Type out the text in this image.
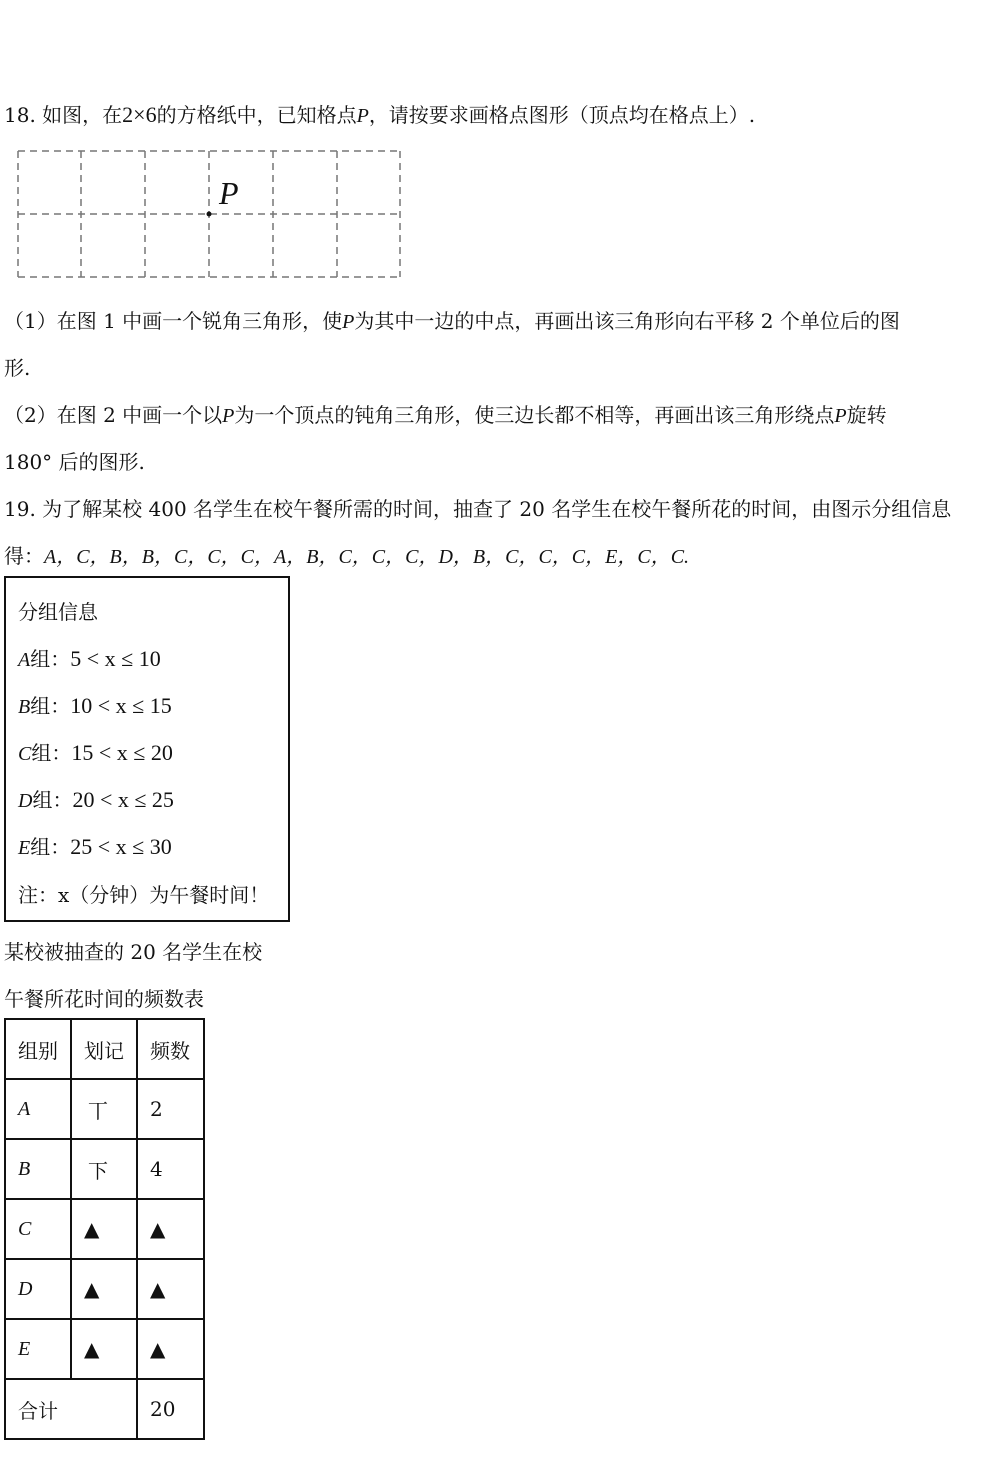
18. 如图，在2×6的方格纸中，已知格点P，请按要求画格点图形（顶点均在格点上）.
P
（1）在图 1 中画一个锐角三角形，使P为其中一边的中点，再画出该三角形向右平移 2 个单位后的图
形.
（2）在图 2 中画一个以P为一个顶点的钝角三角形，使三边长都不相等，再画出该三角形绕点P旋转
180° 后的图形.
19. 为了解某校 400 名学生在校午餐所需的时间，抽查了 20 名学生在校午餐所花的时间，由图示分组信息
得：A，C，B，B，C，C，C，A，B，C，C，C，D，B，C，C，C，E，C，C.
分组信息
A组：5 < x ≤ 10
B组：10 < x ≤ 15
C组：15 < x ≤ 20
D组：20 < x ≤ 25
E组：25 < x ≤ 30
注：x（分钟）为午餐时间！
某校被抽查的 20 名学生在校
午餐所花时间的频数表
组别	划记	频数
A	丅	2
B	下	4
C	▲	▲
D	▲	▲
E	▲	▲
合计		20
